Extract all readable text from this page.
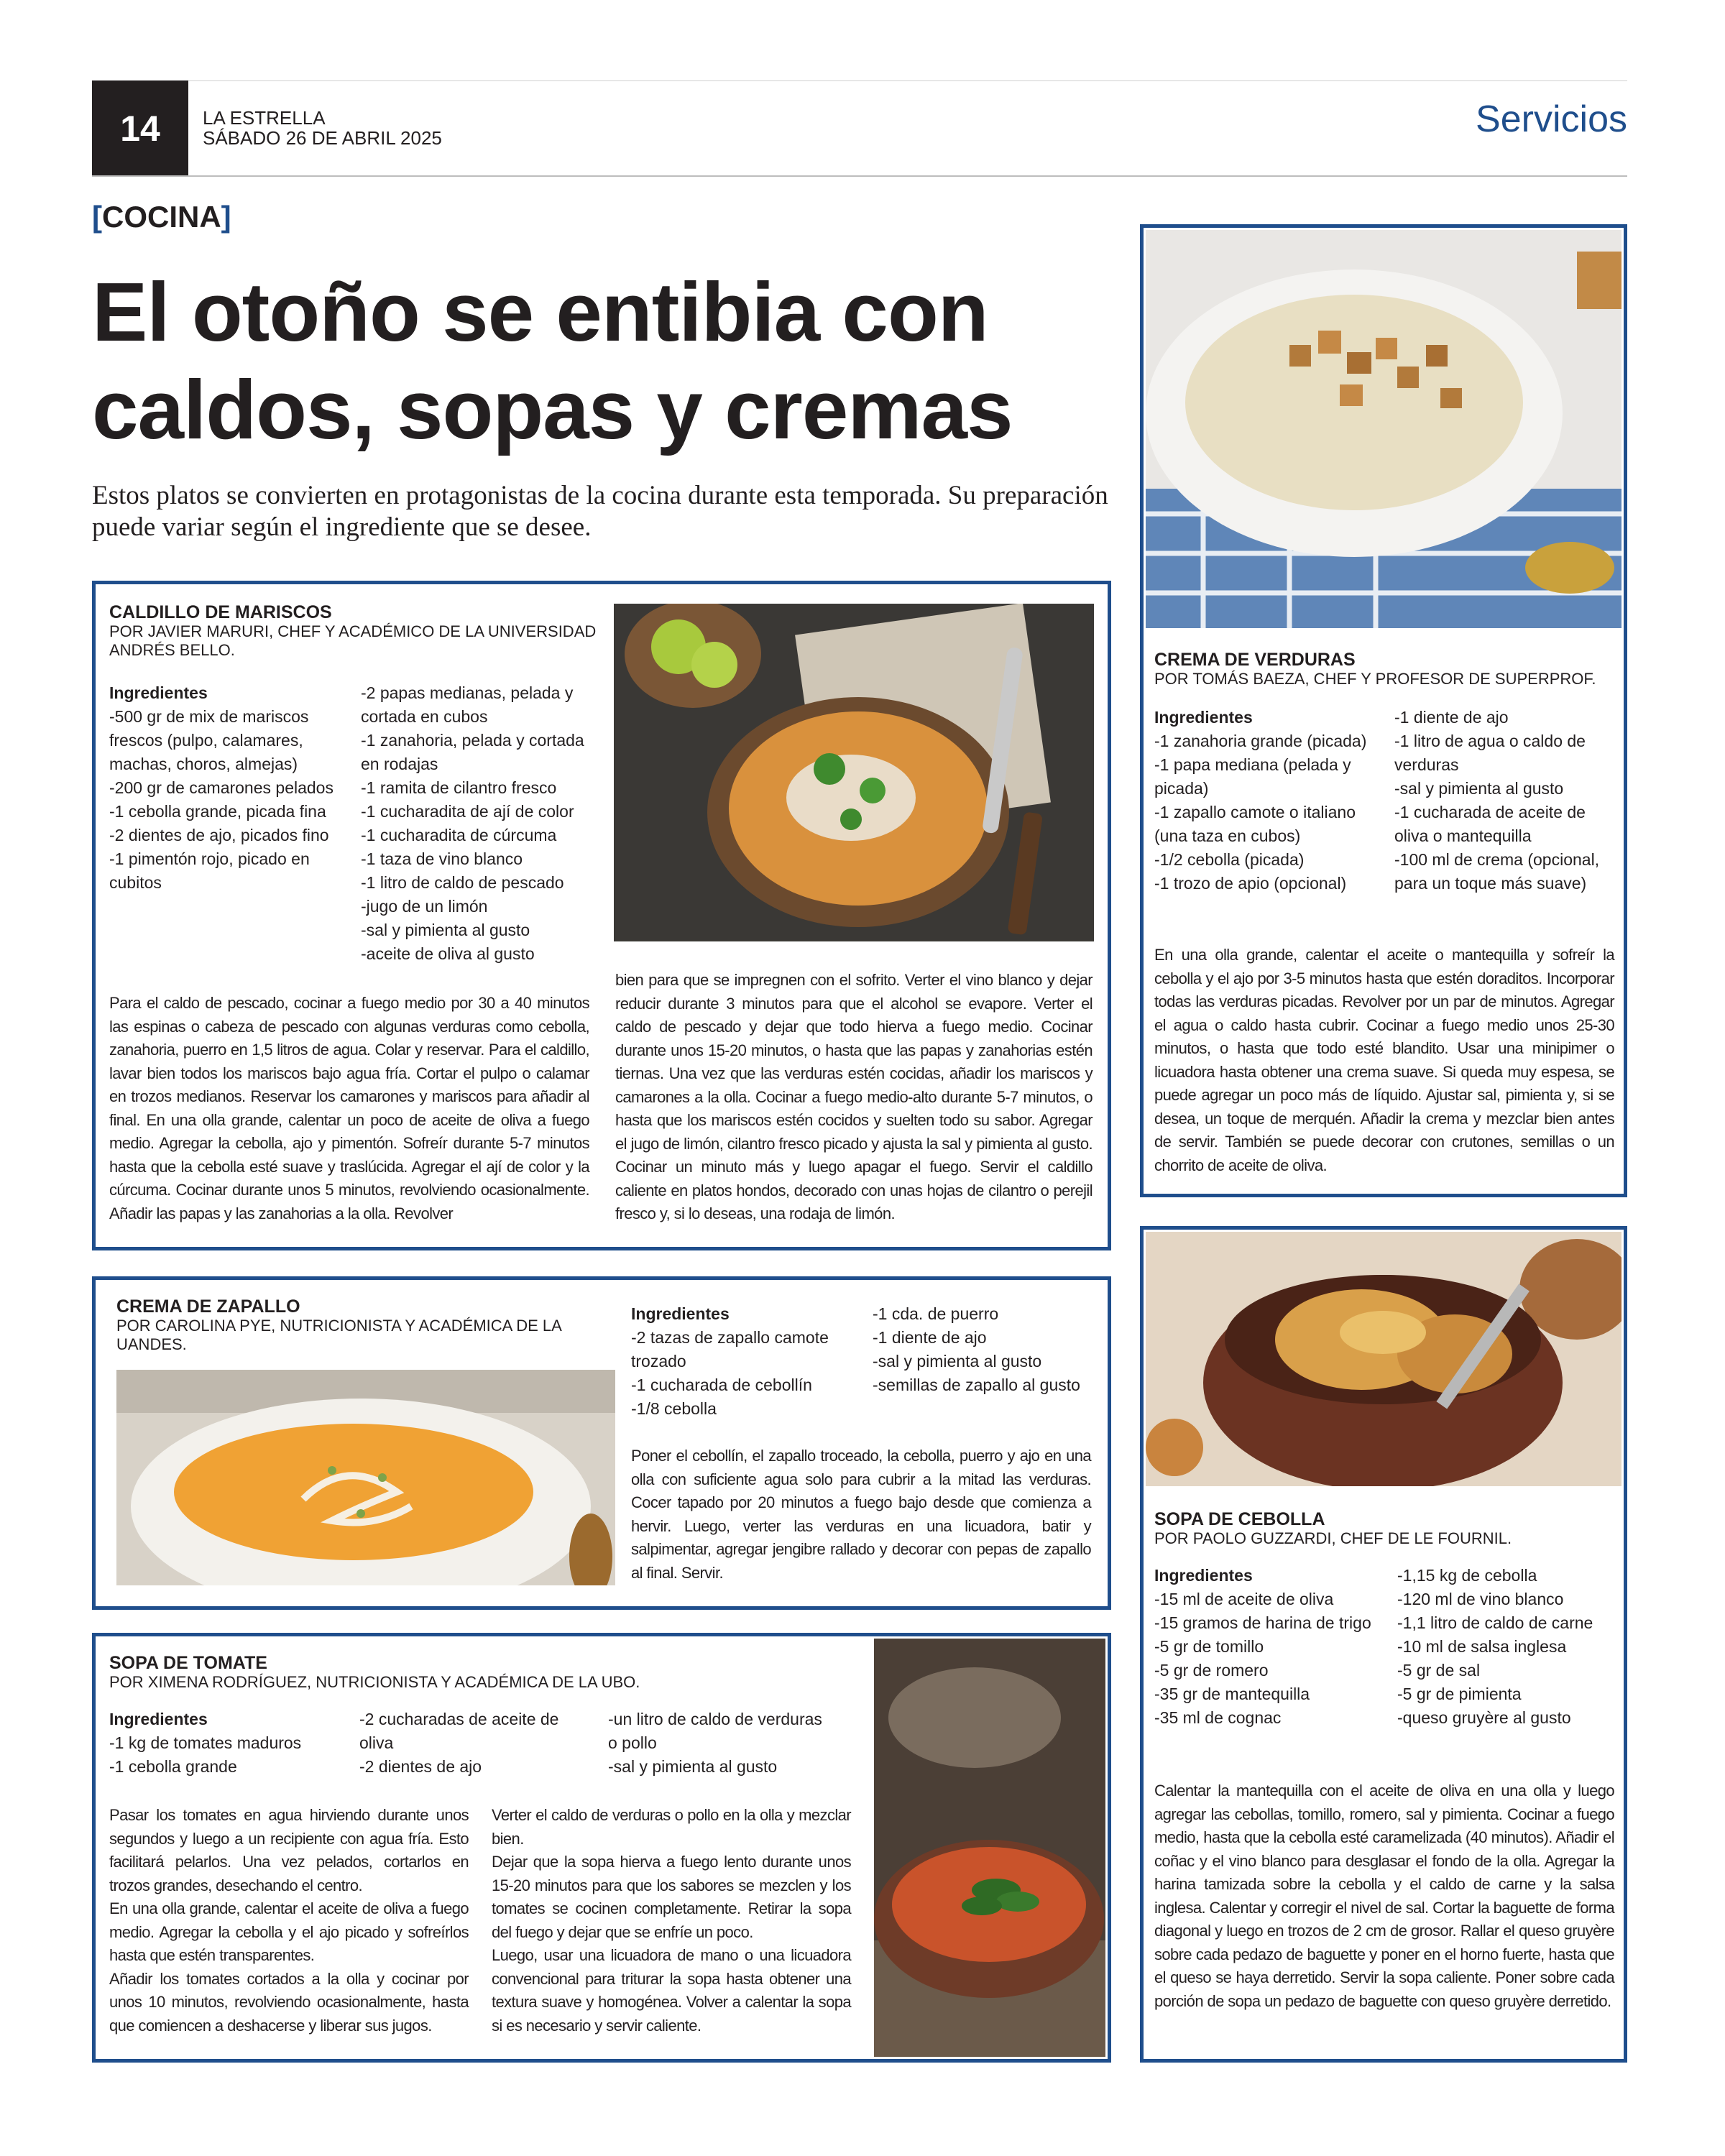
14	LA ESTRELLA
SÁBADO 26 DE ABRIL 2025	Servicios
[COCINA]
El otoño se entibia con
caldos, sopas y cremas
Estos platos se convierten en protagonistas de la cocina durante esta temporada. Su preparación puede variar según el ingrediente que se desee.
CALDILLO DE MARISCOS
POR JAVIER MARURI, CHEF Y ACADÉMICO DE LA UNIVERSIDAD ANDRÉS BELLO.
Ingredientes
-500 gr de mix de mariscos frescos (pulpo, calamares, machas, choros, almejas)
-200 gr de camarones pelados
-1 cebolla grande, picada fina
-2 dientes de ajo, picados fino
-1 pimentón rojo, picado en cubitos
-2 papas medianas, pelada y cortada en cubos
-1 zanahoria, pelada y cortada en rodajas
-1 ramita de cilantro fresco
-1 cucharadita de ají de color
-1 cucharadita de cúrcuma
-1 taza de vino blanco
-1 litro de caldo de pescado
-jugo de un limón
-sal y pimienta al gusto
-aceite de oliva al gusto
Para el caldo de pescado, cocinar a fuego medio por 30 a 40 minutos las espinas o cabeza de pescado con algunas verduras como cebolla, zanahoria, puerro en 1,5 litros de agua. Colar y reservar. Para el caldillo, lavar bien todos los mariscos bajo agua fría. Cortar el pulpo o calamar en trozos medianos. Reservar los camarones y mariscos para añadir al final. En una olla grande, calentar un poco de aceite de oliva a fuego medio. Agregar la cebolla, ajo y pimentón. Sofreír durante 5-7 minutos hasta que la cebolla esté suave y traslúcida. Agregar el ají de color y la cúrcuma. Cocinar durante unos 5 minutos, revolviendo ocasionalmente. Añadir las papas y las zanahorias a la olla. Revolver
bien para que se impregnen con el sofrito. Verter el vino blanco y dejar reducir durante 3 minutos para que el alcohol se evapore. Verter el caldo de pescado y dejar que todo hierva a fuego medio. Cocinar durante unos 15-20 minutos, o hasta que las papas y zanahorias estén tiernas. Una vez que las verduras estén cocidas, añadir los mariscos y camarones a la olla. Cocinar a fuego medio-alto durante 5-7 minutos, o hasta que los mariscos estén cocidos y suelten todo su sabor. Agregar el jugo de limón, cilantro fresco picado y ajusta la sal y pimienta al gusto. Cocinar un minuto más y luego apagar el fuego. Servir el caldillo caliente en platos hondos, decorado con unas hojas de cilantro o perejil fresco y, si lo deseas, una rodaja de limón.
CREMA DE VERDURAS
POR TOMÁS BAEZA, CHEF Y PROFESOR DE SUPERPROF.
Ingredientes
-1 zanahoria grande (picada)
-1 papa mediana (pelada y picada)
-1 zapallo camote o italiano (una taza en cubos)
-1/2 cebolla (picada)
-1 trozo de apio (opcional)
-1 diente de ajo
-1 litro de agua o caldo de verduras
-sal y pimienta al gusto
-1 cucharada de aceite de oliva o mantequilla
-100 ml de crema (opcional, para un toque más suave)
En una olla grande, calentar el aceite o mantequilla y sofreír la cebolla y el ajo por 3-5 minutos hasta que estén doraditos. Incorporar todas las verduras picadas. Revolver por un par de minutos. Agregar el agua o caldo hasta cubrir. Cocinar a fuego medio unos 25-30 minutos, o hasta que todo esté blandito. Usar una minipimer o licuadora hasta obtener una crema suave. Si queda muy espesa, se puede agregar un poco más de líquido. Ajustar sal, pimienta y, si se desea, un toque de merquén. Añadir la crema y mezclar bien antes de servir. También se puede decorar con crutones, semillas o un chorrito de aceite de oliva.
CREMA DE ZAPALLO
POR CAROLINA PYE, NUTRICIONISTA Y ACADÉMICA DE LA UANDES.
Ingredientes
-2 tazas de zapallo camote trozado
-1 cucharada de cebollín
-1/8 cebolla
-1 cda. de puerro
-1 diente de ajo
-sal y pimienta al gusto
-semillas de zapallo al gusto
Poner el cebollín, el zapallo troceado, la cebolla, puerro y ajo en una olla con suficiente agua solo para cubrir a la mitad las verduras. Cocer tapado por 20 minutos a fuego bajo desde que comienza a hervir. Luego, verter las verduras en una licuadora, batir y salpimentar, agregar jengibre rallado y decorar con pepas de zapallo al final. Servir.
SOPA DE TOMATE
POR XIMENA RODRÍGUEZ, NUTRICIONISTA Y ACADÉMICA DE LA UBO.
Ingredientes
-1 kg de tomates maduros
-1 cebolla grande
-2 cucharadas de aceite de oliva
-2 dientes de ajo
-un litro de caldo de verduras o pollo
-sal y pimienta al gusto
Pasar los tomates en agua hirviendo durante unos segundos y luego a un recipiente con agua fría. Esto facilitará pelarlos. Una vez pelados, cortarlos en trozos grandes, desechando el centro.
En una olla grande, calentar el aceite de oliva a fuego medio. Agregar la cebolla y el ajo picado y sofreírlos hasta que estén transparentes.
Añadir los tomates cortados a la olla y cocinar por unos 10 minutos, revolviendo ocasionalmente, hasta que comiencen a deshacerse y liberar sus jugos.
Verter el caldo de verduras o pollo en la olla y mezclar bien.
Dejar que la sopa hierva a fuego lento durante unos 15-20 minutos para que los sabores se mezclen y los tomates se cocinen completamente. Retirar la sopa del fuego y dejar que se enfríe un poco.
Luego, usar una licuadora de mano o una licuadora convencional para triturar la sopa hasta obtener una textura suave y homogénea. Volver a calentar la sopa si es necesario y servir caliente.
SOPA DE CEBOLLA
POR PAOLO GUZZARDI, CHEF DE LE FOURNIL.
Ingredientes
-15 ml de aceite de oliva
-15 gramos de harina de trigo
-5 gr de tomillo
-5 gr de romero
-35 gr de mantequilla
-35 ml de cognac
-1,15 kg de cebolla
-120 ml de vino blanco
-1,1 litro de caldo de carne
-10 ml de salsa inglesa
-5 gr de sal
-5 gr de pimienta
-queso gruyère al gusto
Calentar la mantequilla con el aceite de oliva en una olla y luego agregar las cebollas, tomillo, romero, sal y pimienta. Cocinar a fuego medio, hasta que la cebolla esté caramelizada (40 minutos). Añadir el coñac y el vino blanco para desglasar el fondo de la olla. Agregar la harina tamizada sobre la cebolla y el caldo de carne y la salsa inglesa. Calentar y corregir el nivel de sal. Cortar la baguette de forma diagonal y luego en trozos de 2 cm de grosor. Rallar el queso gruyère sobre cada pedazo de baguette y poner en el horno fuerte, hasta que el queso se haya derretido. Servir la sopa caliente. Poner sobre cada porción de sopa un pedazo de baguette con queso gruyère derretido.
